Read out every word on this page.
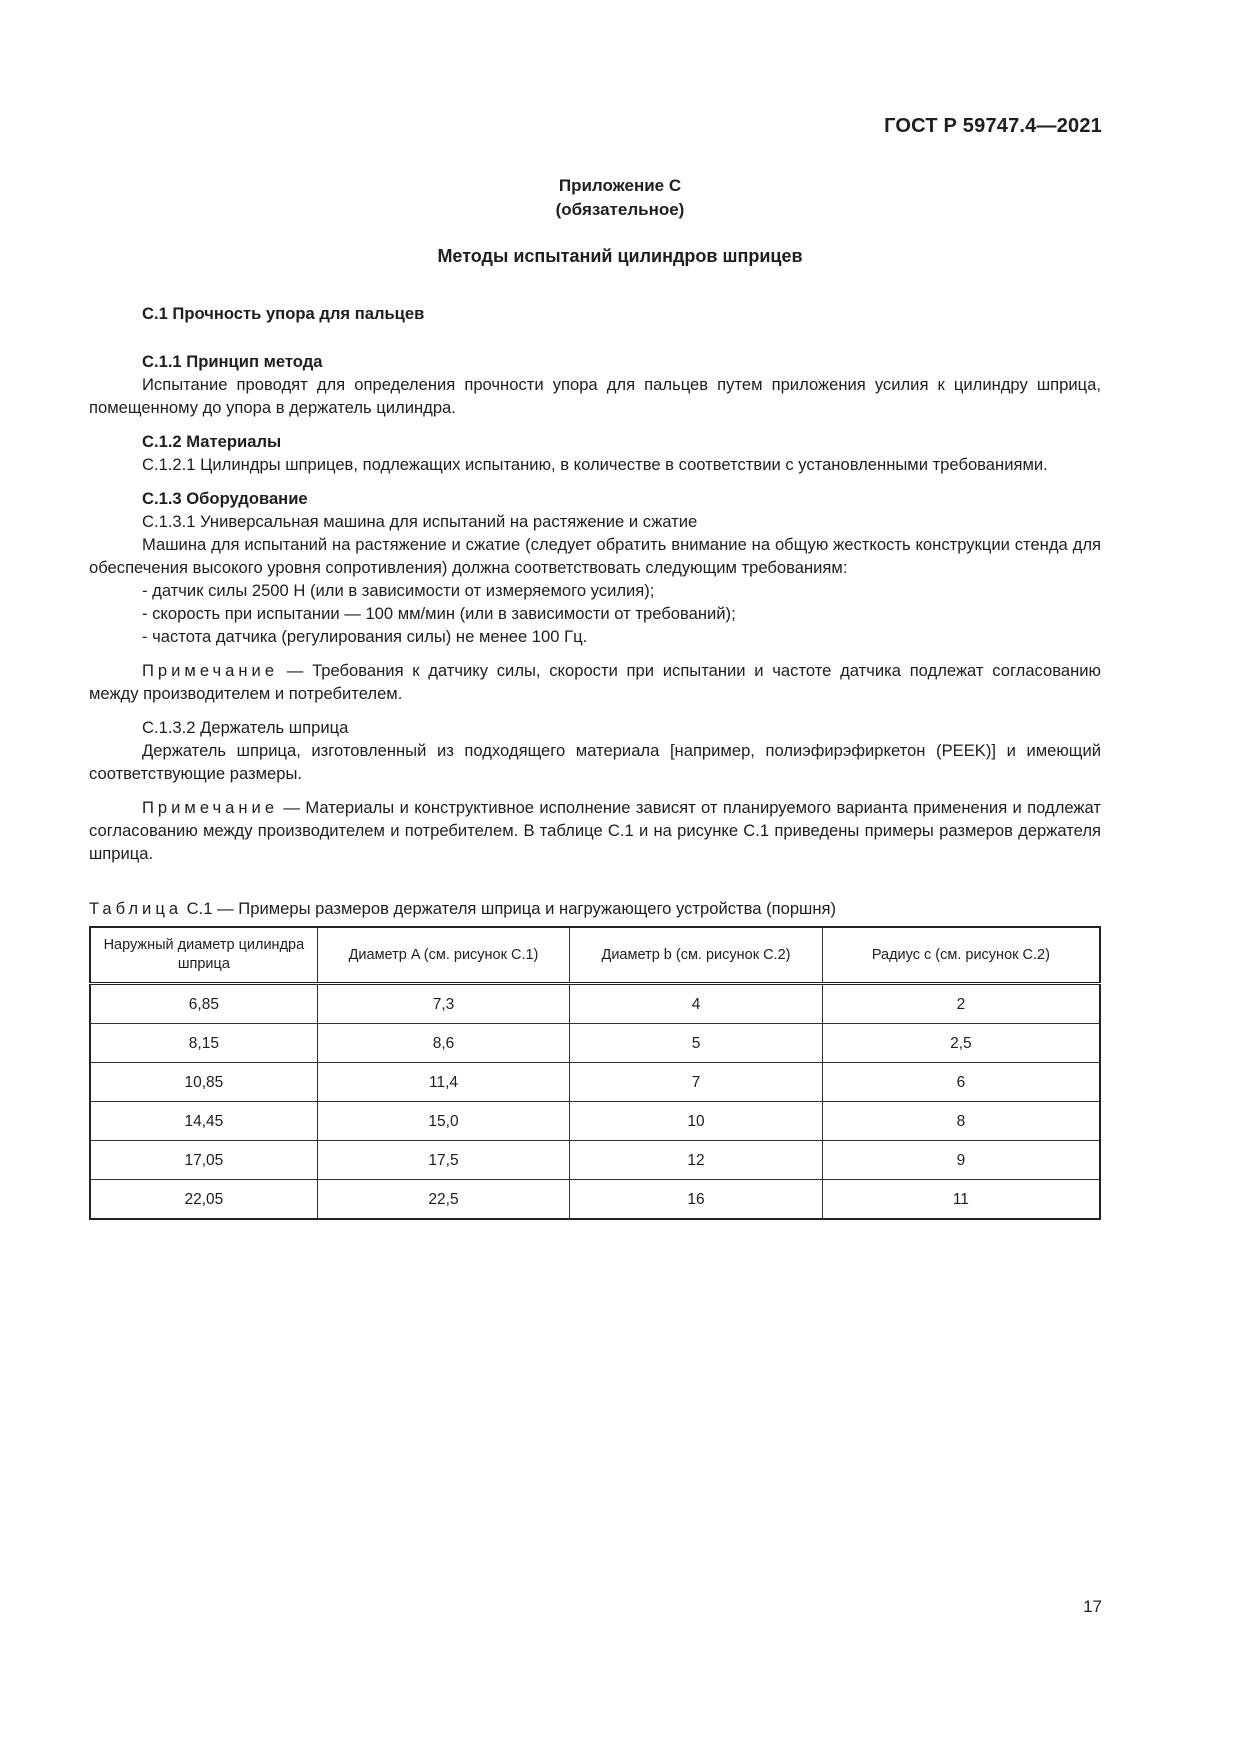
ГОСТ Р 59747.4—2021
Приложение С
(обязательное)
Методы испытаний цилиндров шприцев
С.1 Прочность упора для пальцев
С.1.1 Принцип метода
Испытание проводят для определения прочности упора для пальцев путем приложения усилия к цилиндру шприца, помещенному до упора в держатель цилиндра.
С.1.2 Материалы
С.1.2.1 Цилиндры шприцев, подлежащих испытанию, в количестве в соответствии с установленными требованиями.
С.1.3 Оборудование
С.1.3.1 Универсальная машина для испытаний на растяжение и сжатие
Машина для испытаний на растяжение и сжатие (следует обратить внимание на общую жесткость конструкции стенда для обеспечения высокого уровня сопротивления) должна соответствовать следующим требованиям:
- датчик силы 2500 Н (или в зависимости от измеряемого усилия);
- скорость при испытании — 100 мм/мин (или в зависимости от требований);
- частота датчика (регулирования силы) не менее 100 Гц.
Примечание — Требования к датчику силы, скорости при испытании и частоте датчика подлежат согласованию между производителем и потребителем.
С.1.3.2 Держатель шприца
Держатель шприца, изготовленный из подходящего материала [например, полиэфирэфиркетон (PEEK)] и имеющий соответствующие размеры.
Примечание — Материалы и конструктивное исполнение зависят от планируемого варианта применения и подлежат согласованию между производителем и потребителем. В таблице С.1 и на рисунке С.1 приведены примеры размеров держателя шприца.
Таблица С.1 — Примеры размеров держателя шприца и нагружающего устройства (поршня)
Наружный диаметр цилиндра шприца	Диаметр A (см. рисунок С.1)	Диаметр b (см. рисунок С.2)	Радиус c (см. рисунок С.2)
6,85	7,3	4	2
8,15	8,6	5	2,5
10,85	11,4	7	6
14,45	15,0	10	8
17,05	17,5	12	9
22,05	22,5	16	11
17
